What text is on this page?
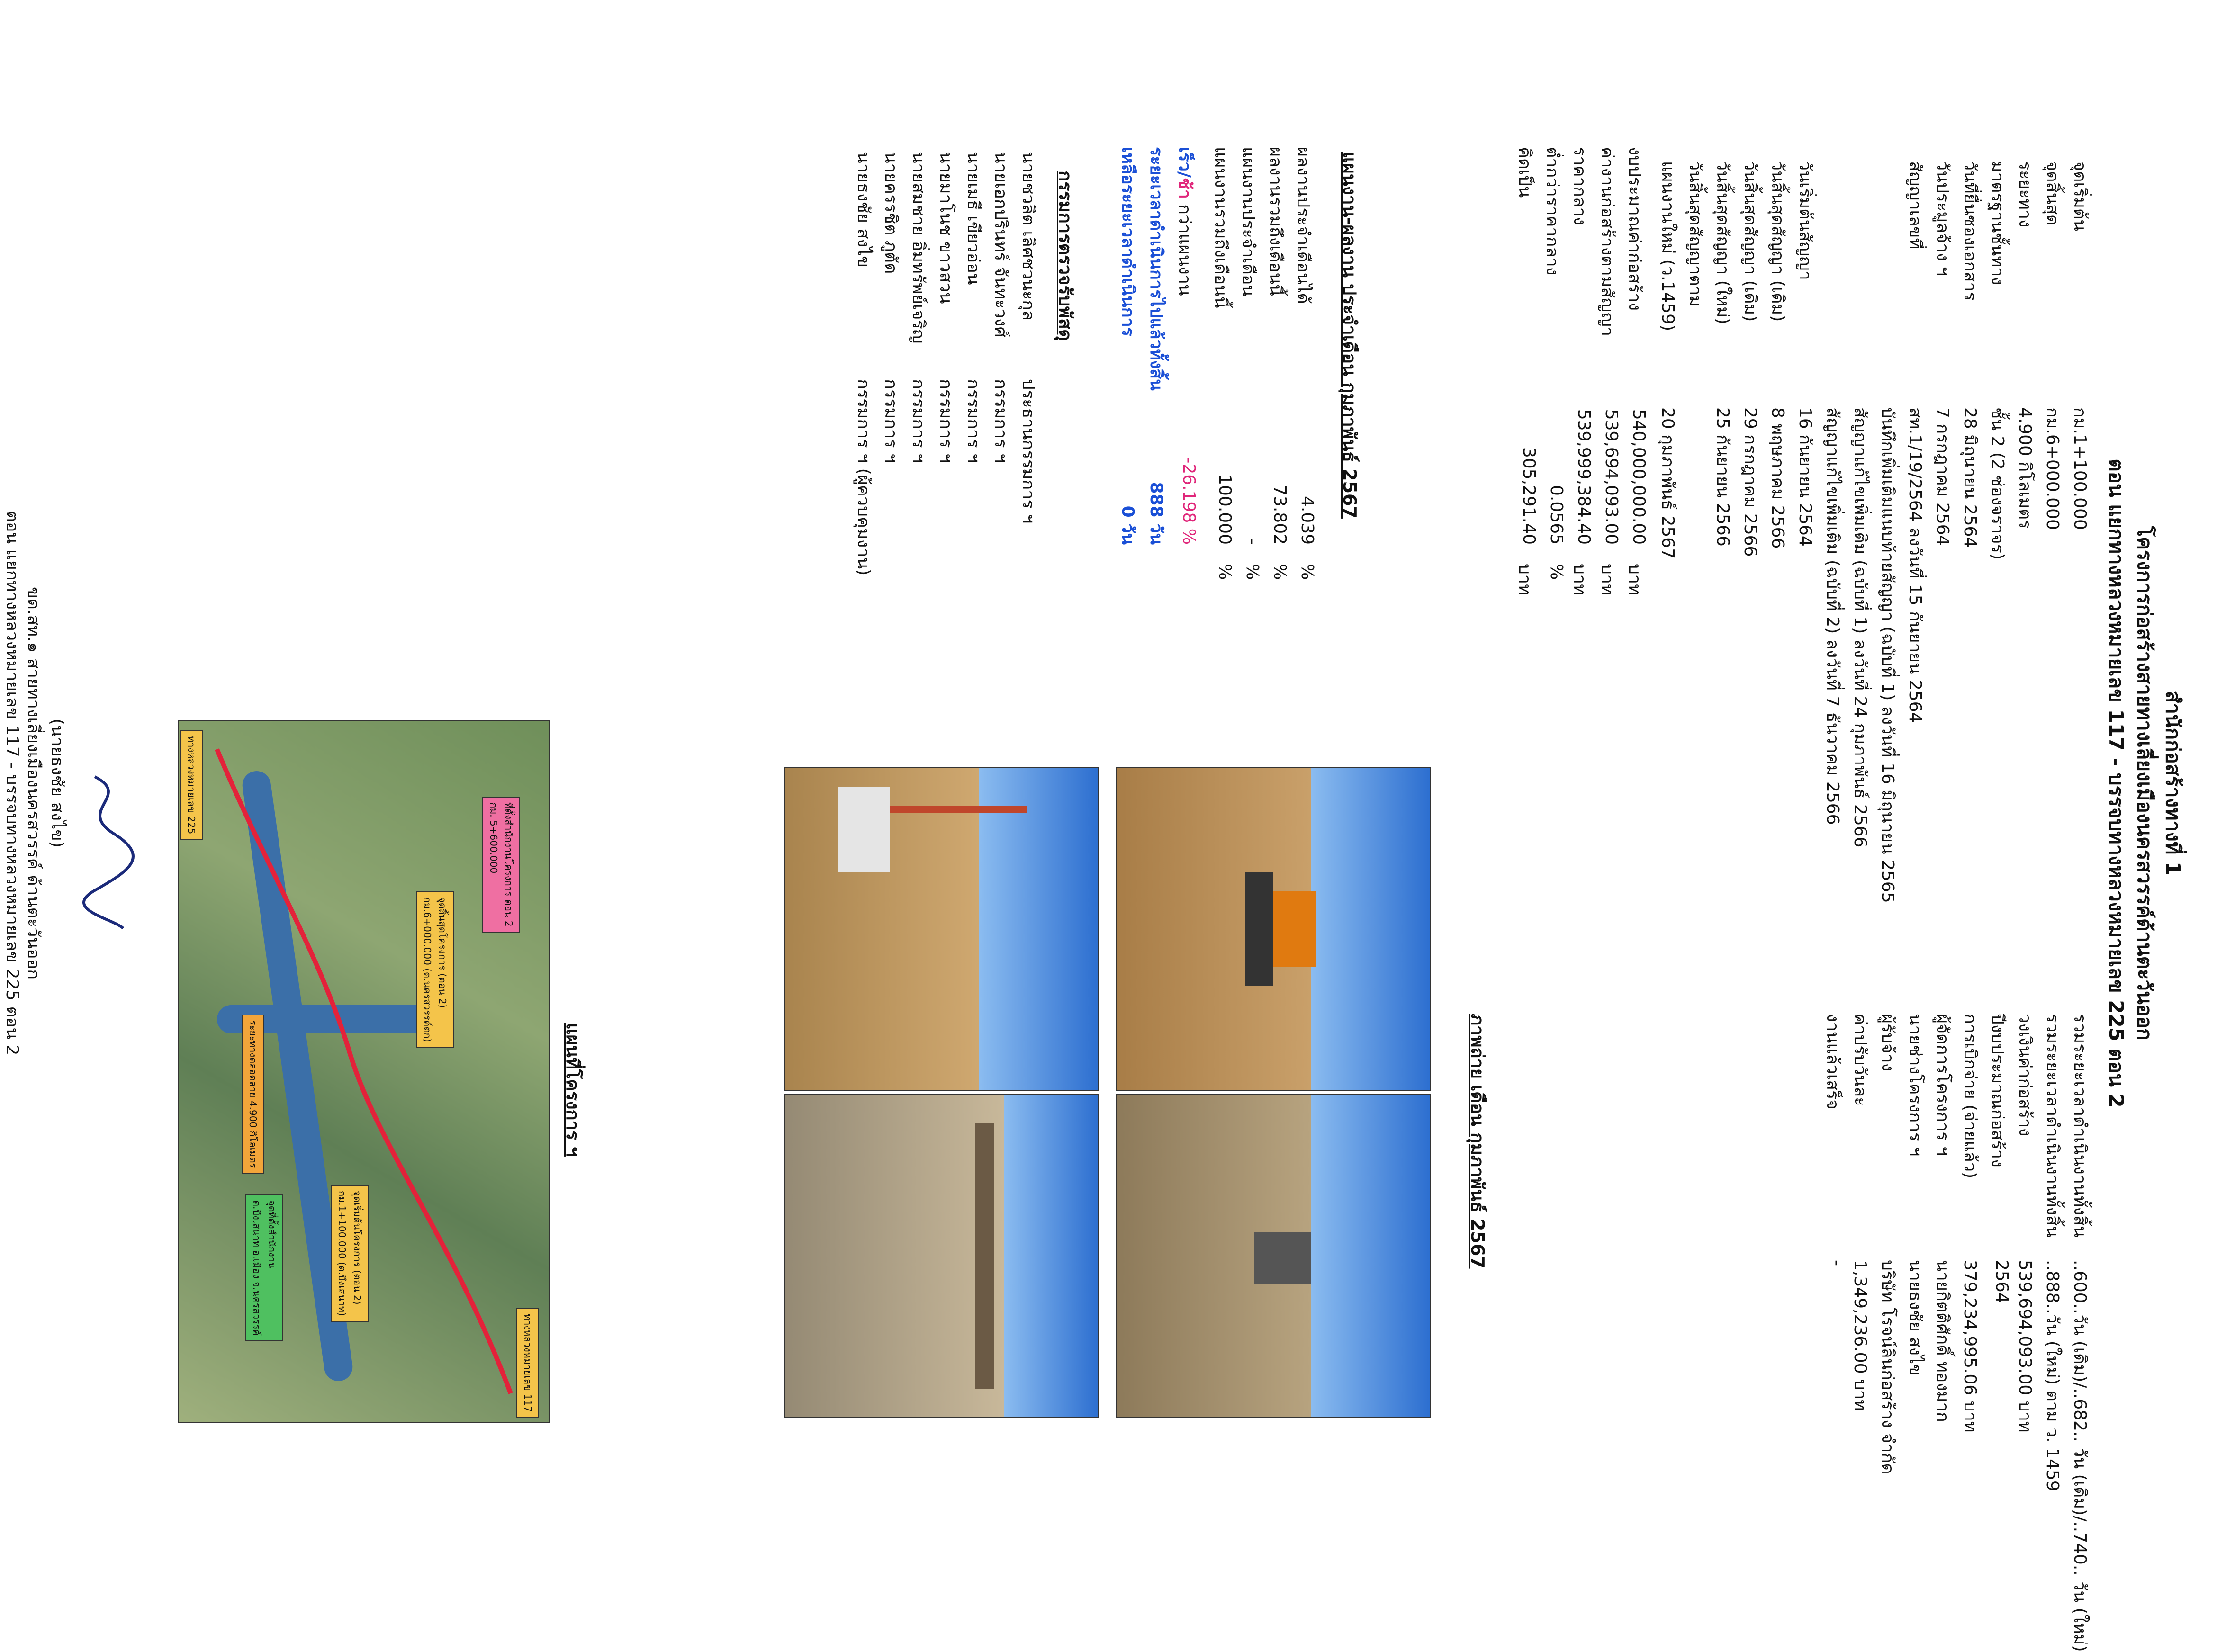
สำนักก่อสร้างทางที่ 1
โครงการก่อสร้างสายทางเลี่ยงเมืองนครสวรรค์ด้านตะวันออก
ตอน แยกทางหลวงหมายเลข 117 - บรรจบทางหลวงหมายเลข 225 ตอน 2
จุดเริ่มต้น
กม.1+100.000
จุดสิ้นสุด
กม.6+000.000
ระยะทาง
4.900 กิโลเมตร
มาตรฐานชั้นทาง
ชั้น 2 (2 ช่องจราจร)
วันที่ยื่นซองเอกสาร
28 มิถุนายน 2564
วันประมูลจ้าง ฯ
7 กรกฎาคม 2564
สัญญาเลขที่
สท.1/19/2564 ลงวันที่ 15 กันยายน 2564
บันทึกเพิ่มเติมแนบท้ายสัญญา (ฉบับที่ 1) ลงวันที่ 16 มิถุนายน 2565
สัญญาแก้ไขเพิ่มเติม (ฉบับที่ 1) ลงวันที่ 24 กุมภาพันธ์ 2566
สัญญาแก้ไขเพิ่มเติม (ฉบับที่ 2) ลงวันที่ 7 ธันวาคม 2566
วันเริ่มต้นสัญญา
16 กันยายน 2564
วันสิ้นสุดสัญญา (เดิม)
8 พฤษภาคม 2566
วันสิ้นสุดสัญญา (เดิม)
29 กรกฎาคม 2566
วันสิ้นสุดสัญญา (ใหม่)
25 กันยายน 2566
วันสิ้นสุดสัญญาตาม
แผนงานใหม่ (ว.1459)
20 กุมภาพันธ์ 2567
งบประมาณค่าก่อสร้าง
540,000,000.00
บาท
ค่างานก่อสร้างตามสัญญา
539,694,093.00
บาท
ราคากลาง
539,999,384.40
บาท
ต่ำกว่าราคากลาง
0.0565
%
คิดเป็น
305,291.40
บาท
รวมระยะเวลาดำเนินงานทั้งสิ้น
..600..วัน (เดิม)/..682.. วัน (เดิม)/..740.. วัน (ใหม่)
รวมระยะเวลาดำเนินงานทั้งสิ้น
..888..วัน (ใหม่) ตาม ว. 1459
วงเงินค่าก่อสร้าง
539,694,093.00 บาท
ปีงบประมาณก่อสร้าง
2564
การเบิกจ่าย (จ่ายแล้ว)
379,234,995.06 บาท
ผู้จัดการโครงการ ฯ
นายกิตติศักดิ์ ทองมาก
นายช่างโครงการ ฯ
นายธงชัย สงไข
ผู้รับจ้าง
บริษัท โรจน์ลินก่อสร้าง จำกัด
ค่าปรับวันละ
1,349,236.00 บาท
งานแล้วเสร็จ
-
แผนงาน-ผลงาน ประจำเดือน กุมภาพันธ์ 2567
ผลงานประจำเดือนได้
4.039
%
ผลงานรวมถึงเดือนนี้
73.802
%
แผนงานประจำเดือน
-
%
แผนงานรวมถึงเดือนนี้
100.000
%
เร็ว/ช้า กว่าแผนงาน
-26.198 %
ระยะเวลาดำเนินการไปแล้วทั้งสิ้น
888 วัน
เหลือระยะเวลาดำเนินการ
0 วัน
กรรมการตรวจรับพัสดุ
นายชวลิต เลิศชวนะกุล
ประธานกรรมการ ฯ
นายเอกปรินทร์ จันทะวงศ์
กรรมการ ฯ
นายเมธี เขียวอ่อน
กรรมการ ฯ
นายมาโนช ขาวสวน
กรรมการ ฯ
นายสมชาย อิ่มทรัพย์เจริญ
กรรมการ ฯ
นายครรชิต ภูตัด
กรรมการ ฯ
นายธงชัย สงไข
กรรมการ ฯ (ผู้ควบคุมงาน)
ภาพถ่าย เดือน กุมภาพันธ์ 2567
แผนที่โครงการ ฯ
ทางหลวงหมายเลข 117
ทางหลวงหมายเลข 225
ระยะทางตลอดสาย 4.900 กิโลเมตร
จุดเริ่มต้นโครงการ (ตอน 2)
กม.1+100.000 (ต.บึงเสนาท)
จุดสิ้นสุดโครงการ (ตอน 2)
กม.6+000.000 (ต.นครสวรรค์ตก)
ที่ตั้งสำนักงานโครงการ ตอน 2
กม. 5+600.000
จุดที่ตั้งสำนักงาน
ต.บึงเสนาท อ.เมือง จ.นครสวรรค์
(นายธงชัย สงไข)
ขด.สท.๑ สายทางเลี่ยงเมืองนครสวรรค์ ด้านตะวันออก
ตอน แยกทางหลวงหมายเลข 117 - บรรจบทางหลวงหมายเลข 225 ตอน 2
